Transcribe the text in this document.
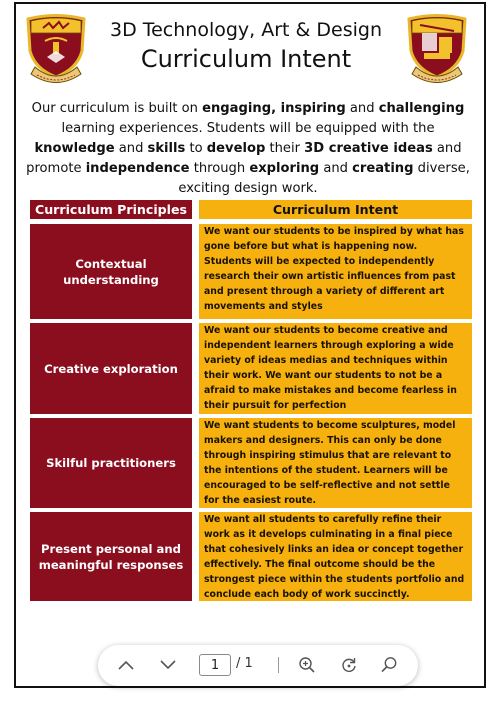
3D Technology, Art & Design
Curriculum Intent
Our curriculum is built on engaging, inspiring and challenging learning experiences. Students will be equipped with the knowledge and skills to develop their 3D creative ideas and promote independence through exploring and creating diverse, exciting design work.
Curriculum Principles	Curriculum Intent
Contextual understanding
We want our students to be inspired by what has gone before but what is happening now. Students will be expected to independently research their own artistic influences from past and present through a variety of different art movements and styles
Creative exploration
We want our students to become creative and independent learners through exploring a wide variety of ideas medias and techniques within their work. We want our students to not be a afraid to make mistakes and become fearless in their pursuit for perfection
Skilful practitioners
We want students to become sculptures, model makers and designers. This can only be done through inspiring stimulus that are relevant to the intentions of the student. Learners will be encouraged to be self-reflective and not settle for the easiest route.
Present personal and meaningful responses
We want all students to carefully refine their work as it develops culminating in a final piece that cohesively links an idea or concept together effectively. The final outcome should be the strongest piece within the students portfolio and conclude each body of work succinctly.
1
/ 1
